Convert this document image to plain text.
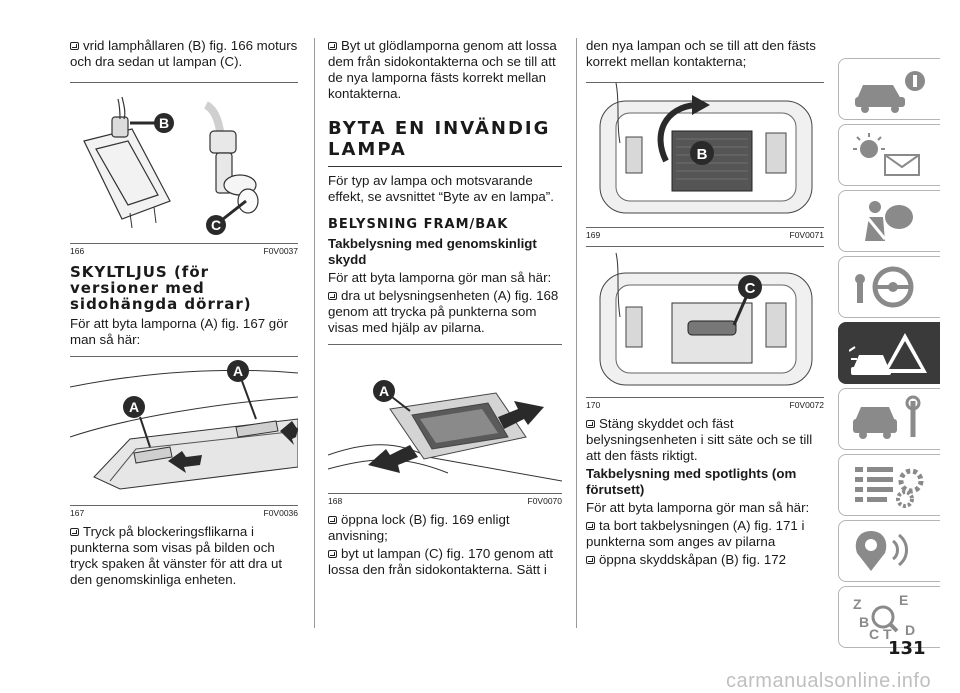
vrid lamphållaren (B) fig. 166 moturs och dra sedan ut lampan (C).

B
C
166	F0V0037
SKYLTLJUS (för versioner med sidohängda dörrar)

För att byta lamporna (A) fig. 167 gör man så här:

A
A
167	F0V0036

Tryck på blockeringsflikarna i punkterna som visas på bilden och tryck spaken åt vänster för att dra ut den genomskinliga enheten.

Byt ut glödlamporna genom att lossa dem från sidokontakterna och se till att de nya lamporna fästs korrekt mellan kontakterna.

BYTA EN INVÄNDIG LAMPA

För typ av lampa och motsvarande effekt, se avsnittet “Byte av en lampa”.

BELYSNING FRAM/BAK
Takbelysning med genomskinligt skydd

För att byta lamporna gör man så här:

dra ut belysningsenheten (A) fig. 168 genom att trycka på punkterna som visas med hjälp av pilarna.

A
168	F0V0070

öppna lock (B) fig. 169 enligt anvisning;

byt ut lampan (C) fig. 170 genom att lossa den från sidokontakterna. Sätt i

den nya lampan och se till att den fästs korrekt mellan kontakterna;

B
169	F0V0071
C
170	F0V0072

Stäng skyddet och fäst belysningsenheten i sitt säte och se till att den fästs riktigt.

Takbelysning med spotlights (om förutsett)

För att byta lamporna gör man så här:

ta bort takbelysningen (A) fig. 171 i punkterna som anges av pilarna

öppna skyddskåpan (B) fig. 172

Z	E
B
C T D
131
carmanualsonline.info
